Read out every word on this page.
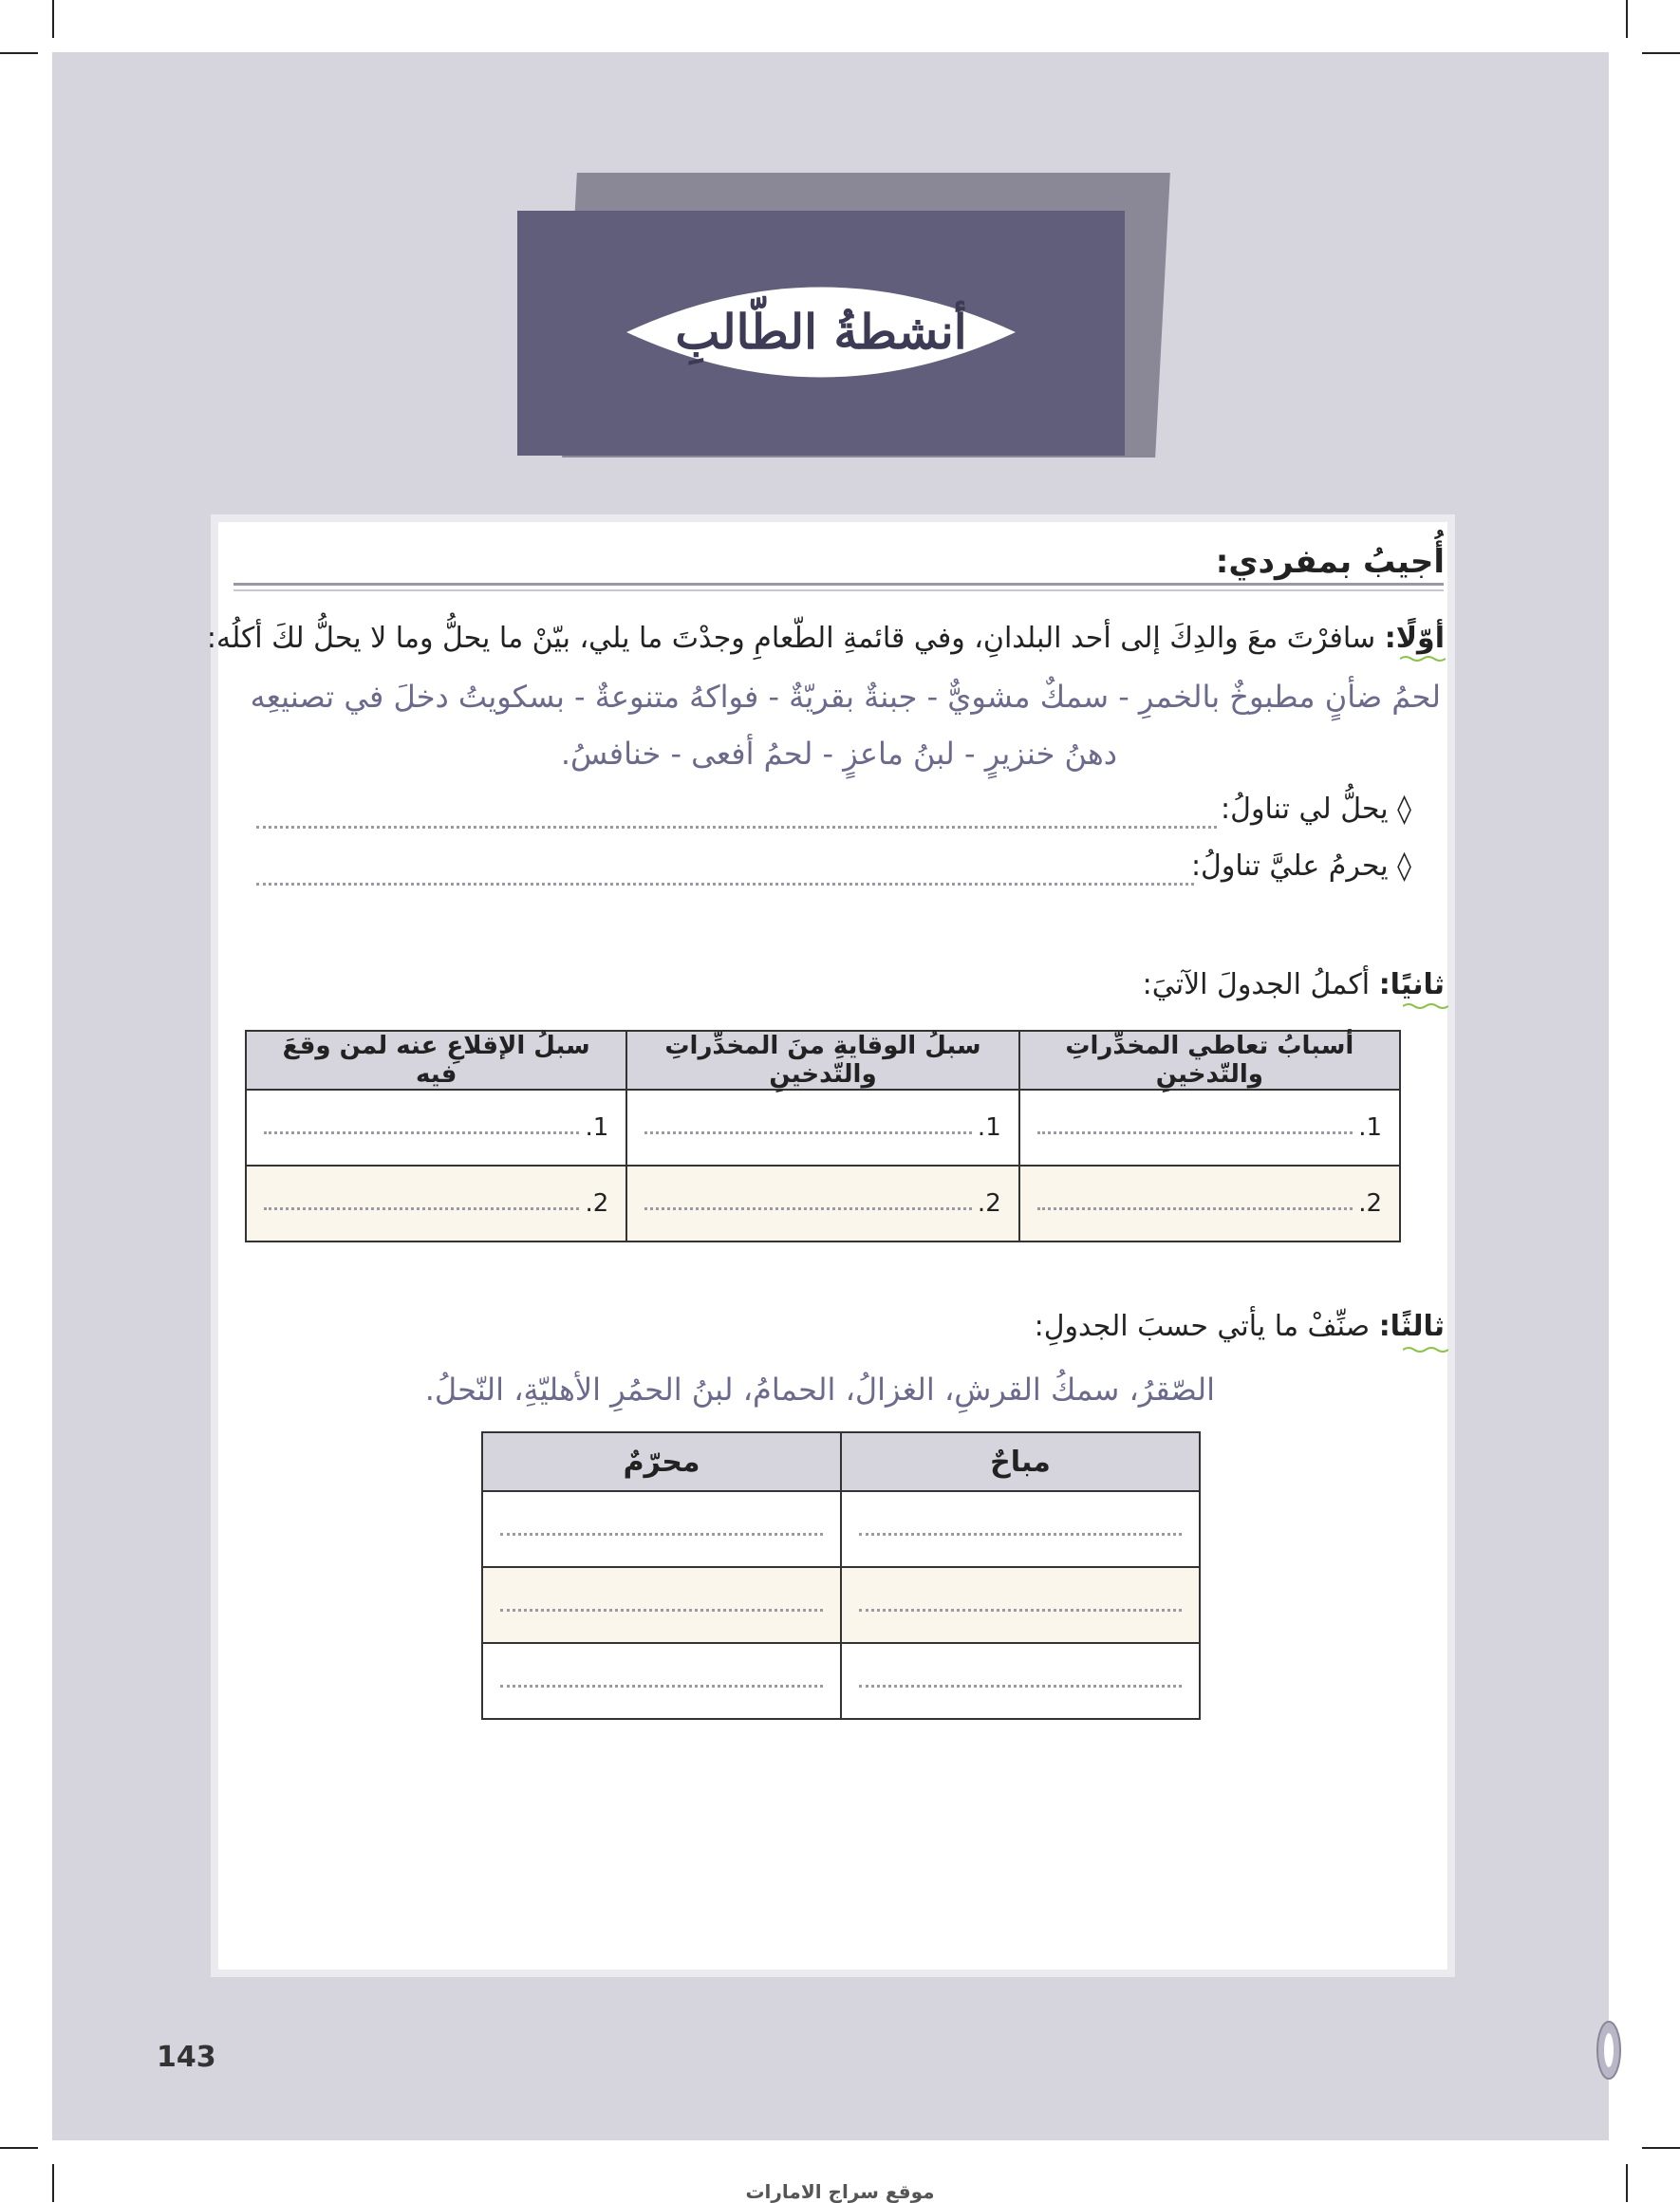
أنشطةُ الطّالبِ
أُجيبُ بمفردي:
أوّلًا: سافرْتَ معَ والدِكَ إلى أحد البلدانِ، وفي قائمةِ الطّعامِ وجدْتَ ما يلي، بيّنْ ما يحلُّ وما لا يحلُّ لكَ أكلُه:
لحمُ ضأنٍ مطبوخٌ بالخمرِ - سمكٌ مشويٌّ - جبنةٌ بقريّةٌ - فواكهُ متنوعةٌ - بسكويتُ دخلَ في تصنيعِه
دهنُ خنزيرٍ - لبنُ ماعزٍ - لحمُ أفعى - خنافسُ.
◊ يحلُّ لي تناولُ:
◊ يحرمُ عليَّ تناولُ:
ثانيًا: أكملُ الجدولَ الآتيَ:
أسبابُ تعاطي المخدِّراتِ والتّدخينِ	سبلُ الوقايةِ منَ المخدِّراتِ والتّدخينِ	سبلُ الإقلاعِ عنه لمن وقعَ فيه

1.	1.	1.

2.	2.	2.
ثالثًا: صنِّفْ ما يأتي حسبَ الجدولِ:
الصّقرُ، سمكُ القرشِ، الغزالُ، الحمامُ، لبنُ الحمُرِ الأهليّةِ، النّحلُ.
مباحٌ	محرّمٌ

143
موقع سراج الامارات
